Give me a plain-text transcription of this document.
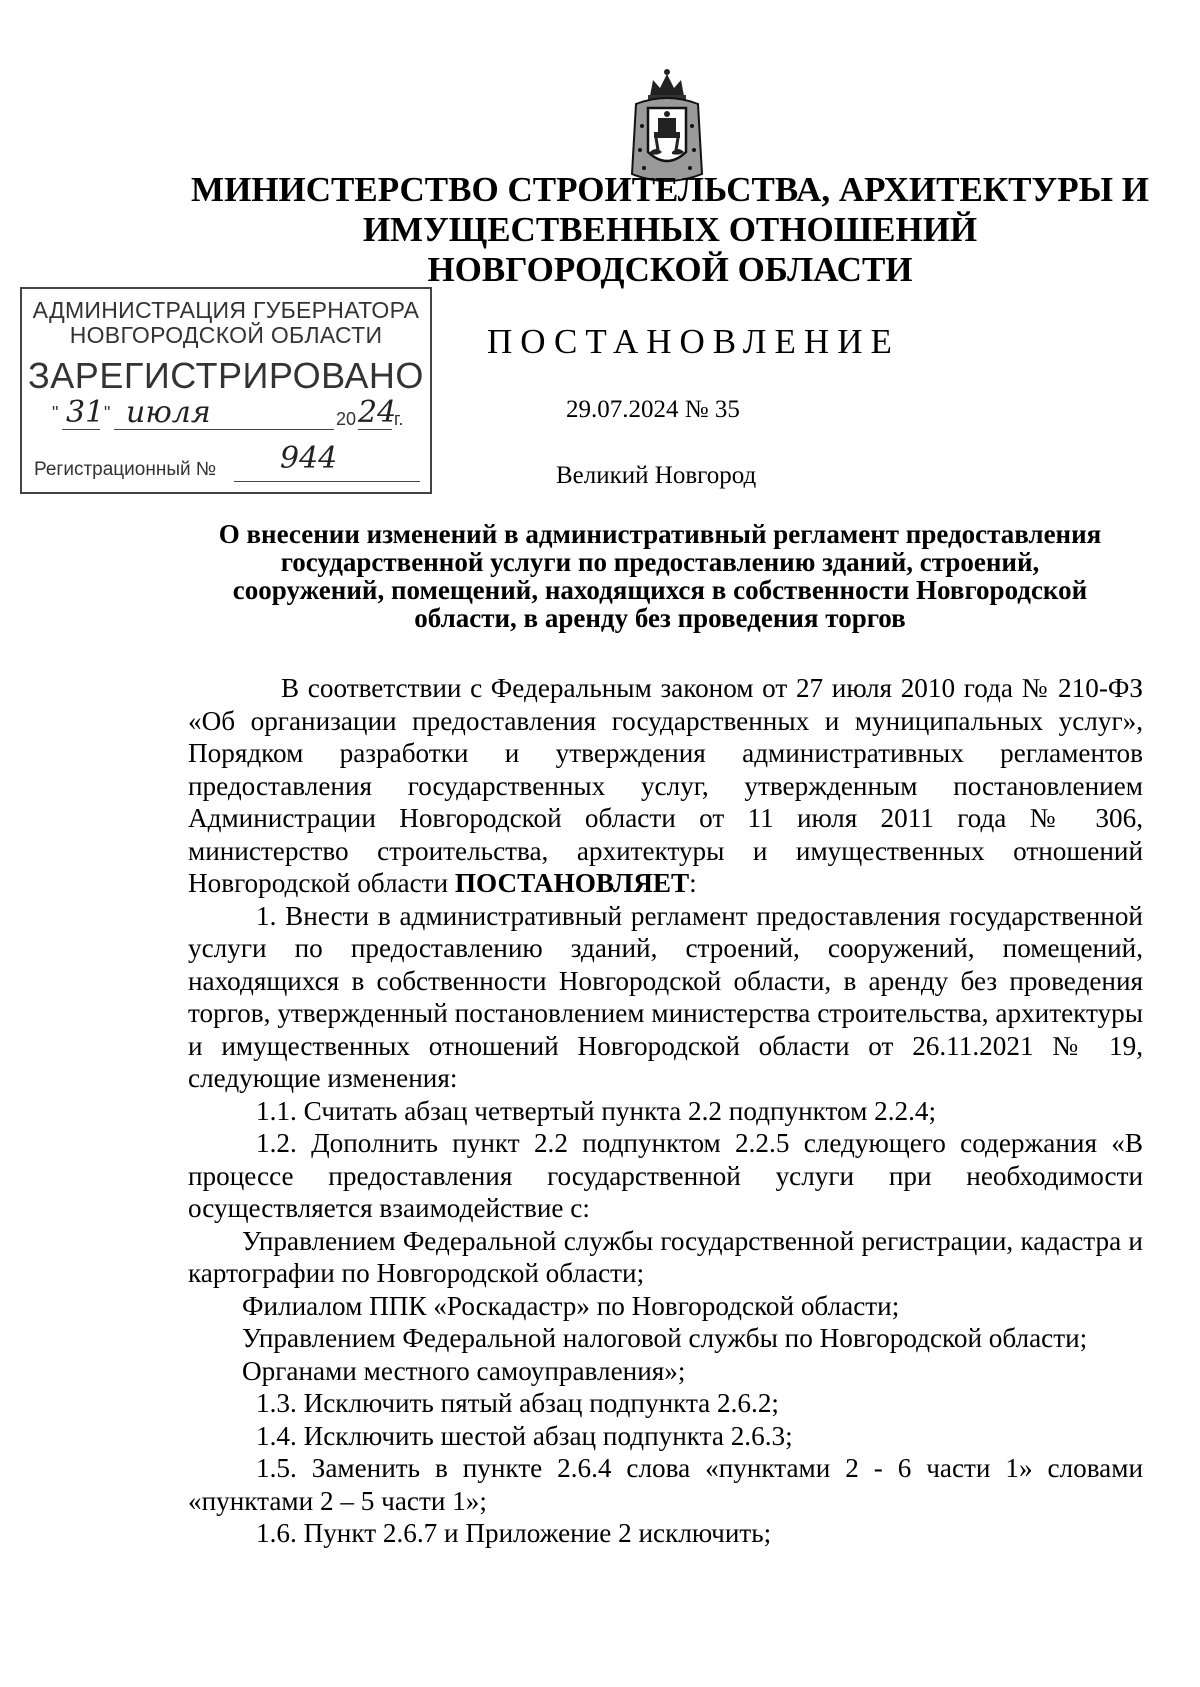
МИНИСТЕРСТВО СТРОИТЕЛЬСТВА, АРХИТЕКТУРЫ И
ИМУЩЕСТВЕННЫХ ОТНОШЕНИЙ
НОВГОРОДСКОЙ ОБЛАСТИ
АДМИНИСТРАЦИЯ ГУБЕРНАТОРА
НОВГОРОДСКОЙ ОБЛАСТИ
ЗАРЕГИСТРИРОВАНО
" 31 " июля	20 24
г.
Регистрационный № 944
ПОСТАНОВЛЕНИЕ
29.07.2024 № 35
Великий Новгород
О внесении изменений в административный регламент предоставления
государственной услуги по предоставлению зданий, строений,
сооружений, помещений, находящихся в собственности Новгородской
области, в аренду без проведения торгов

В соответствии с Федеральным законом от 27 июля 2010 года № 210-ФЗ «Об организации предоставления государственных и муниципальных услуг», Порядком разработки и утверждения административных регламентов предоставления государственных услуг, утвержденным постановлением Администрации Новгородской области от 11 июля 2011 года № 306, министерство строительства, архитектуры и имущественных отношений Новгородской области ПОСТАНОВЛЯЕТ:

1. Внести в административный регламент предоставления государственной услуги по предоставлению зданий, строений, сооружений, помещений, находящихся в собственности Новгородской области, в аренду без проведения торгов, утвержденный постановлением министерства строительства, архитектуры и имущественных отношений Новгородской области от 26.11.2021 № 19, следующие изменения:

1.1. Считать абзац четвертый пункта 2.2 подпунктом 2.2.4;

1.2. Дополнить пункт 2.2 подпунктом 2.2.5 следующего содержания «В процессе предоставления государственной услуги при необходимости осуществляется взаимодействие с:

Управлением Федеральной службы государственной регистрации, кадастра и картографии по Новгородской области;

Филиалом ППК «Роскадастр» по Новгородской области;

Управлением Федеральной налоговой службы по Новгородской области;

Органами местного самоуправления»;

1.3. Исключить пятый абзац подпункта 2.6.2;

1.4. Исключить шестой абзац подпункта 2.6.3;

1.5. Заменить в пункте 2.6.4 слова «пунктами 2 - 6 части 1» словами «пунктами 2 – 5 части 1»;

1.6. Пункт 2.6.7 и Приложение 2 исключить;
